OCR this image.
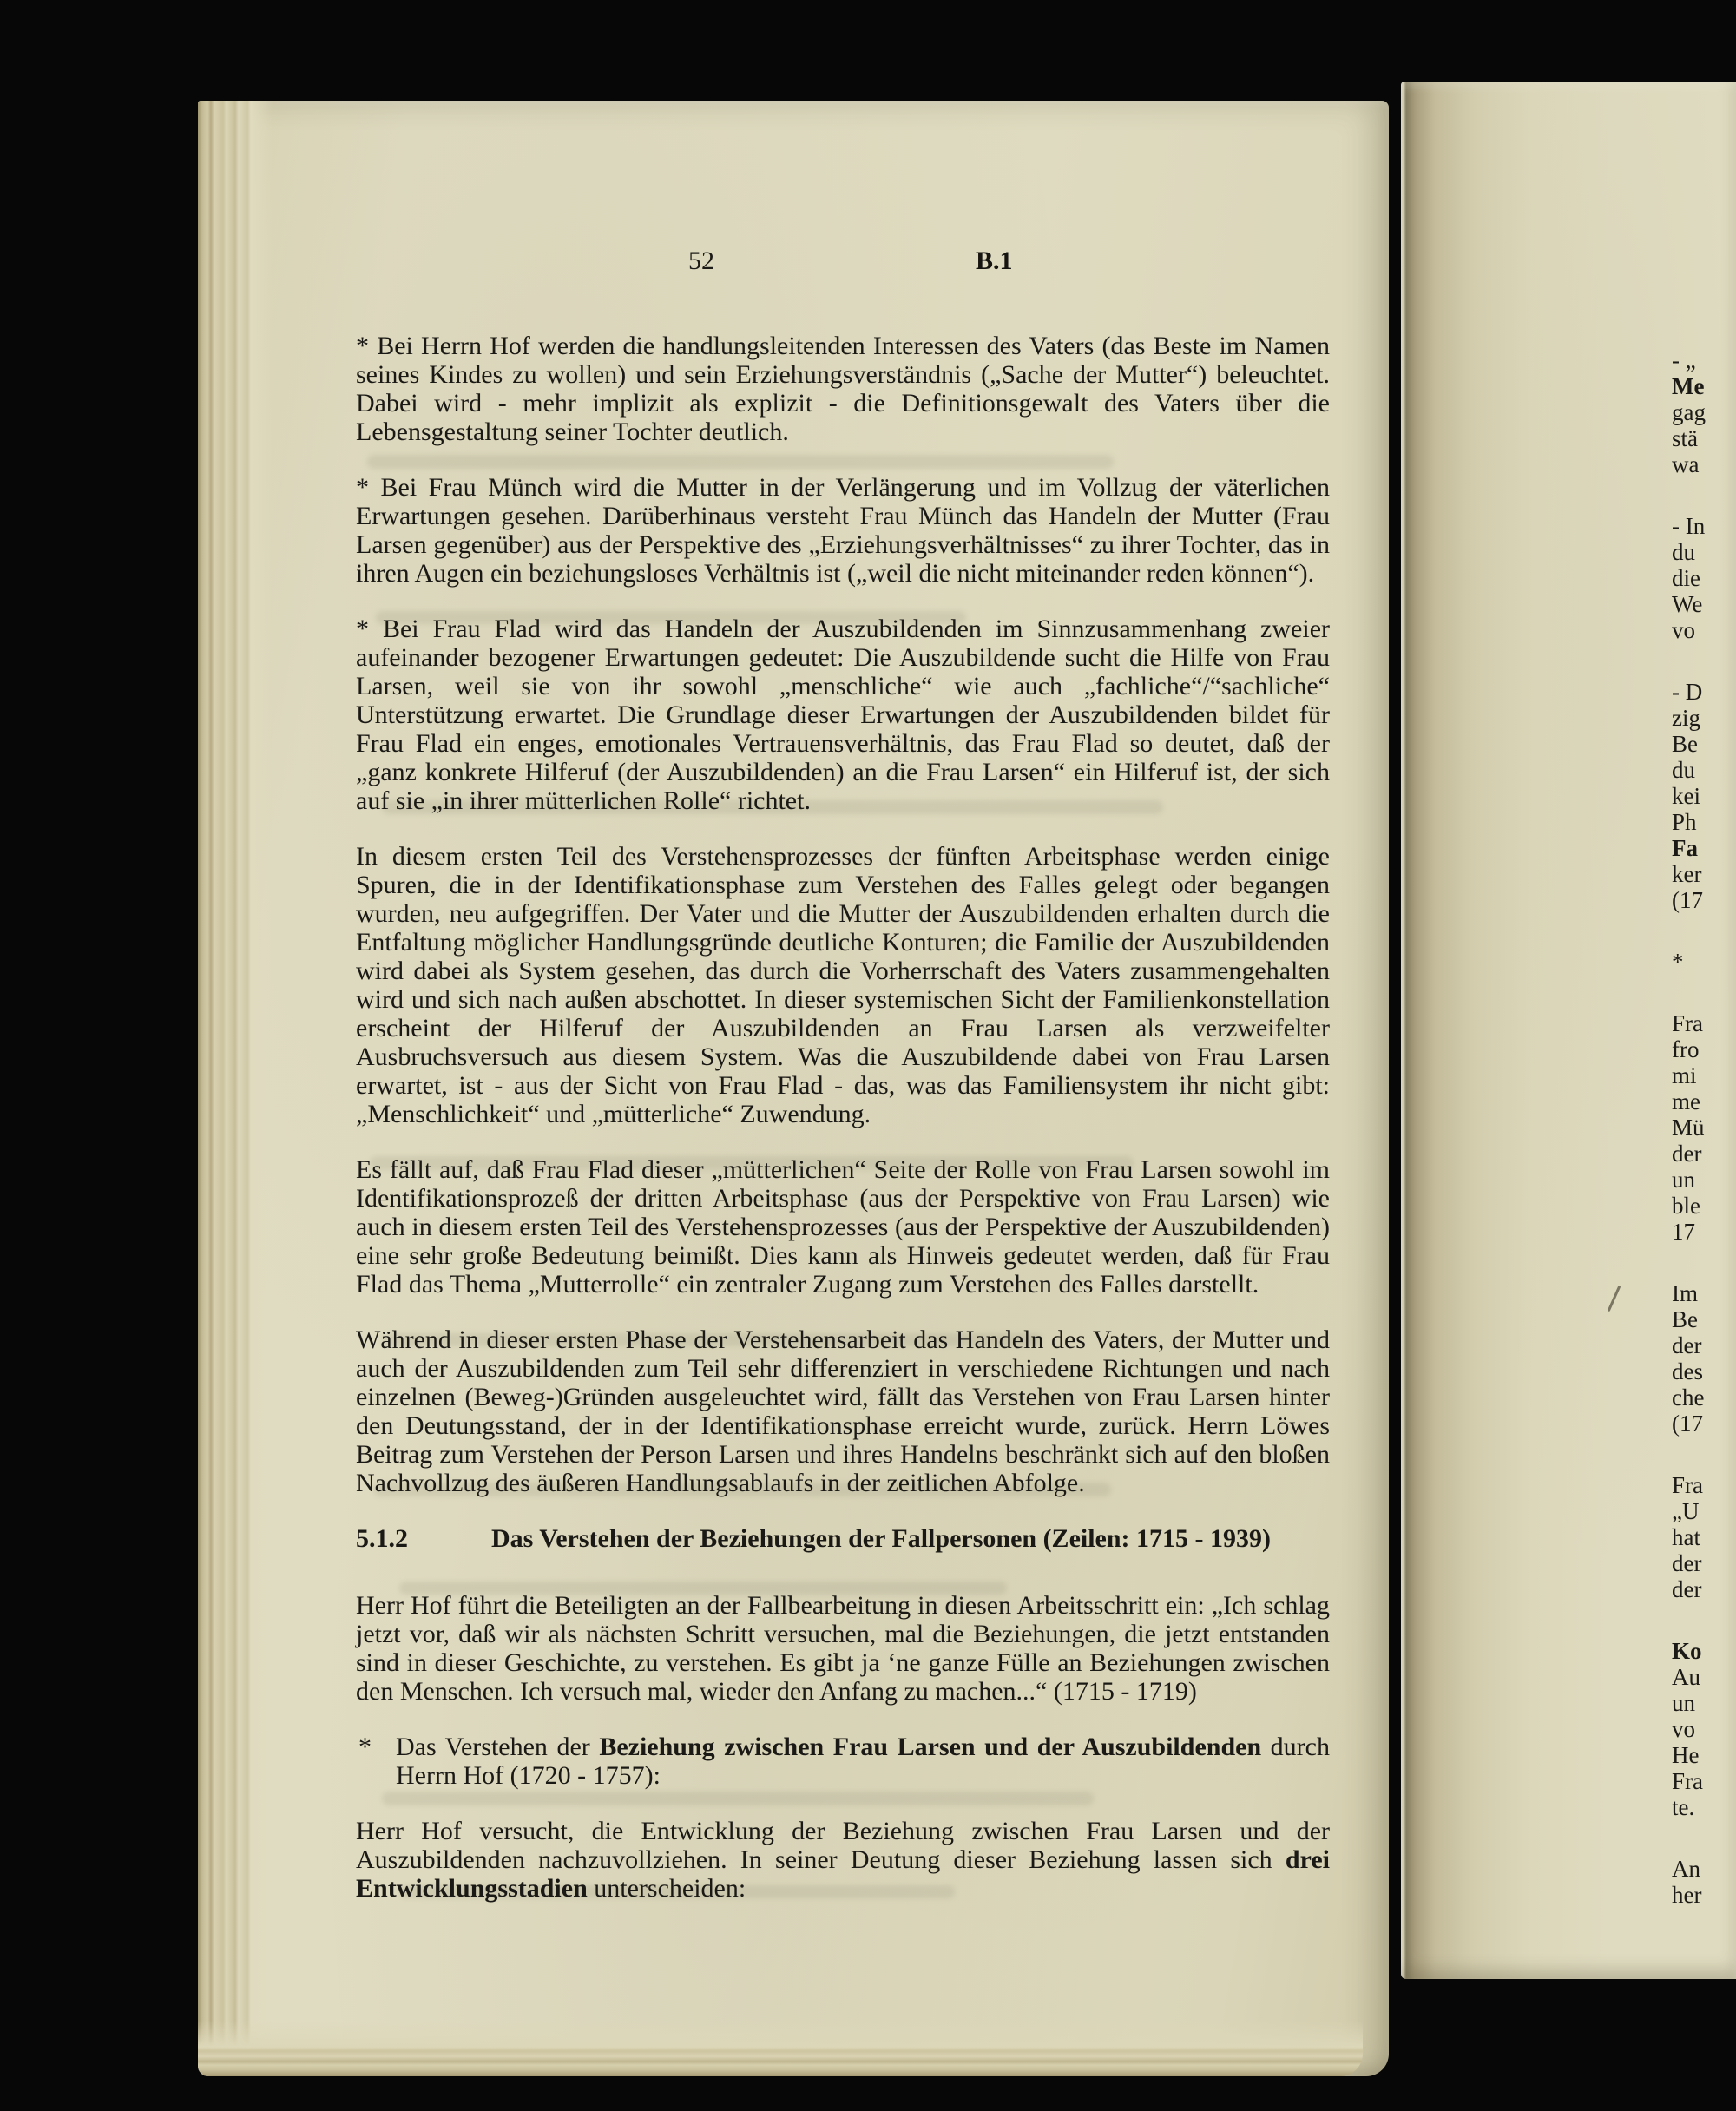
52	B.1

* Bei Herrn Hof werden die handlungsleitenden Interessen des Vaters (das Beste im Namen seines Kindes zu wollen) und sein Erziehungsverständnis („Sache der Mutter“) beleuchtet. Dabei wird - mehr implizit als explizit - die Definitionsgewalt des Vaters über die Lebensgestaltung seiner Tochter deutlich.

* Bei Frau Münch wird die Mutter in der Verlängerung und im Vollzug der väterlichen Erwartungen gesehen. Darüberhinaus versteht Frau Münch das Handeln der Mutter (Frau Larsen gegenüber) aus der Perspektive des „Erziehungsverhältnisses“ zu ihrer Tochter, das in ihren Augen ein beziehungsloses Verhältnis ist („weil die nicht miteinander reden können“).

* Bei Frau Flad wird das Handeln der Auszubildenden im Sinnzusammenhang zweier aufeinander bezogener Erwartungen gedeutet: Die Auszubildende sucht die Hilfe von Frau Larsen, weil sie von ihr sowohl „menschliche“ wie auch „fachliche“/“sachliche“ Unterstützung erwartet. Die Grundlage dieser Erwartungen der Auszubildenden bildet für Frau Flad ein enges, emotionales Vertrauensverhältnis, das Frau Flad so deutet, daß der „ganz konkrete Hilferuf (der Auszubildenden) an die Frau Larsen“ ein Hilferuf ist, der sich auf sie „in ihrer mütterlichen Rolle“ richtet.

In diesem ersten Teil des Verstehensprozesses der fünften Arbeitsphase werden einige Spuren, die in der Identifikationsphase zum Verstehen des Falles gelegt oder begangen wurden, neu aufgegriffen. Der Vater und die Mutter der Auszubildenden erhalten durch die Entfaltung möglicher Handlungsgründe deutliche Konturen; die Familie der Auszubildenden wird dabei als System gesehen, das durch die Vorherrschaft des Vaters zusammengehalten wird und sich nach außen abschottet. In dieser systemischen Sicht der Familienkonstellation erscheint der Hilferuf der Auszubildenden an Frau Larsen als verzweifelter Ausbruchsversuch aus diesem System. Was die Auszubildende dabei von Frau Larsen erwartet, ist - aus der Sicht von Frau Flad - das, was das Familiensystem ihr nicht gibt: „Menschlichkeit“ und „mütterliche“ Zuwendung.

Es fällt auf, daß Frau Flad dieser „mütterlichen“ Seite der Rolle von Frau Larsen sowohl im Identifikationsprozeß der dritten Arbeitsphase (aus der Perspektive von Frau Larsen) wie auch in diesem ersten Teil des Verstehensprozesses (aus der Perspektive der Auszubildenden) eine sehr große Bedeutung beimißt. Dies kann als Hinweis gedeutet werden, daß für Frau Flad das Thema „Mutterrolle“ ein zentraler Zugang zum Verstehen des Falles darstellt.

Während in dieser ersten Phase der Verstehensarbeit das Handeln des Vaters, der Mutter und auch der Auszubildenden zum Teil sehr differenziert in verschiedene Richtungen und nach einzelnen (Beweg-)Gründen ausgeleuchtet wird, fällt das Verstehen von Frau Larsen hinter den Deutungsstand, der in der Identifikationsphase erreicht wurde, zurück. Herrn Löwes Beitrag zum Verstehen der Person Larsen und ihres Handelns beschränkt sich auf den bloßen Nachvollzug des äußeren Handlungsablaufs in der zeitlichen Abfolge.

5.1.2	Das Verstehen der Beziehungen der Fallpersonen (Zeilen: 1715 - 1939)

Herr Hof führt die Beteiligten an der Fallbearbeitung in diesen Arbeitsschritt ein: „Ich schlag jetzt vor, daß wir als nächsten Schritt versuchen, mal die Beziehungen, die jetzt entstanden sind in dieser Geschichte, zu verstehen. Es gibt ja ‘ne ganze Fülle an Beziehungen zwischen den Menschen. Ich versuch mal, wieder den Anfang zu machen...“ (1715 - 1719)

* Das Verstehen der Beziehung zwischen Frau Larsen und der Auszubildenden durch Herrn Hof (1720 - 1757):

Herr Hof versucht, die Entwicklung der Beziehung zwischen Frau Larsen und der Auszubildenden nachzuvollziehen. In seiner Deutung dieser Beziehung lassen sich drei Entwicklungsstadien unterscheiden:

- „
Me
gag
stä
wa
- In
du
die
We
vo
- D
zig
Be
du
kei
Ph
Fa
ker
(17
*
Fra
fro
mi
me
Mü
der
un
ble
17
Im
Be
der
des
che
(17
Fra
„U
hat
der
der
Ko
Au
un
vo
He
Fra
te.
An
her
